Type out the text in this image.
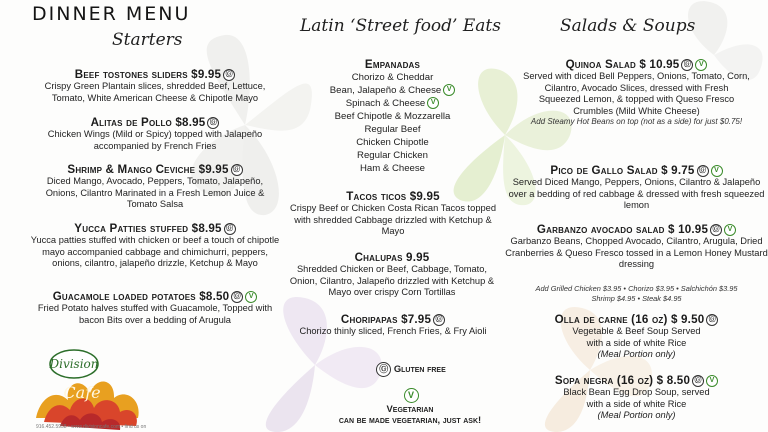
DINNER MENU
Starters
Latin ‘Street food’ Eats	Salads & Soups
Beef tostones sliders $9.95 Ⓖ
Crispy Green Plantain slices, shredded Beef, Lettuce, Tomato, White American Cheese & Chipotle Mayo
Alitas de Pollo $8.95 Ⓖ
Chicken Wings (Mild or Spicy) topped with Jalapeño accompanied by French Fries
Shrimp & Mango Ceviche $9.95 Ⓖ
Diced Mango, Avocado, Peppers, Tomato, Jalapeño, Onions, Cilantro Marinated in a Fresh Lemon Juice & Tomato Salsa
Yucca Patties stuffed $8.95 Ⓖ
Yucca patties stuffed with chicken or beef a touch of chipotle mayo accompanied cabbage and chimichurri, peppers, onions, cilantro, jalapeño drizzle, Ketchup & Mayo
Guacamole loaded potatoes $8.50 Ⓖ V
Fried Potato halves stuffed with Guacamole, Topped with bacon Bits over a bedding of Arugula
Empanadas
Chorizo & Cheddar
Bean, Jalapeño & Cheese V
Spinach & Cheese V
Beef Chipotle & Mozzarella
Regular Beef
Chicken Chipotle
Regular Chicken
Ham & Cheese
Tacos ticos $9.95
Crispy Beef or Chicken Costa Rican Tacos topped with shredded Cabbage drizzled with Ketchup & Mayo
Chalupas 9.95
Shredded Chicken or Beef, Cabbage, Tomato, Onion, Cilantro, Jalapeño drizzled with Ketchup & Mayo over crispy Corn Tortillas
Choripapas $7.95 Ⓖ
Chorizo thinly sliced, French Fries, & Fry Aioli
Ⓖ Gluten free
V
Vegetarian
can be made vegetarian, just ask!
Quinoa Salad $ 10.95 Ⓖ V
Served with diced Bell Peppers, Onions, Tomato, Corn, Cilantro, Avocado Slices, dressed with Fresh Squeezed Lemon, & topped with Queso Fresco Crumbles (Mild White Cheese)
Add Steamy Hot Beans on top (not as a side) for just $0.75!
Pico de Gallo Salad $ 9.75 Ⓖ V
Served Diced Mango, Peppers, Onions, Cilantro & Jalapeño over a bedding of red cabbage & dressed with fresh squeezed lemon
Garbanzo avocado salad $ 10.95 Ⓖ V
Garbanzo Beans, Chopped Avocado, Cilantro, Arugula, Dried Cranberries & Queso Fresco tossed in a Lemon Honey Mustard dressing
Add Grilled Chicken $3.95 • Chorizo $3.95 • Salchichón $3.95
Shrimp $4.95 • Steak $4.95
Olla de carne (16 oz) $ 9.50 Ⓖ
Vegetable & Beef Soup Served with a side of white Rice
(Meal Portion only)
Sopa negra (16 oz) $ 8.50 Ⓖ V
Black Bean Egg Drop Soup, served with a side of white Rice
(Meal Portion only)
Division
Cafe
916.452.5958 • www.divisioncafe.com • find us on
